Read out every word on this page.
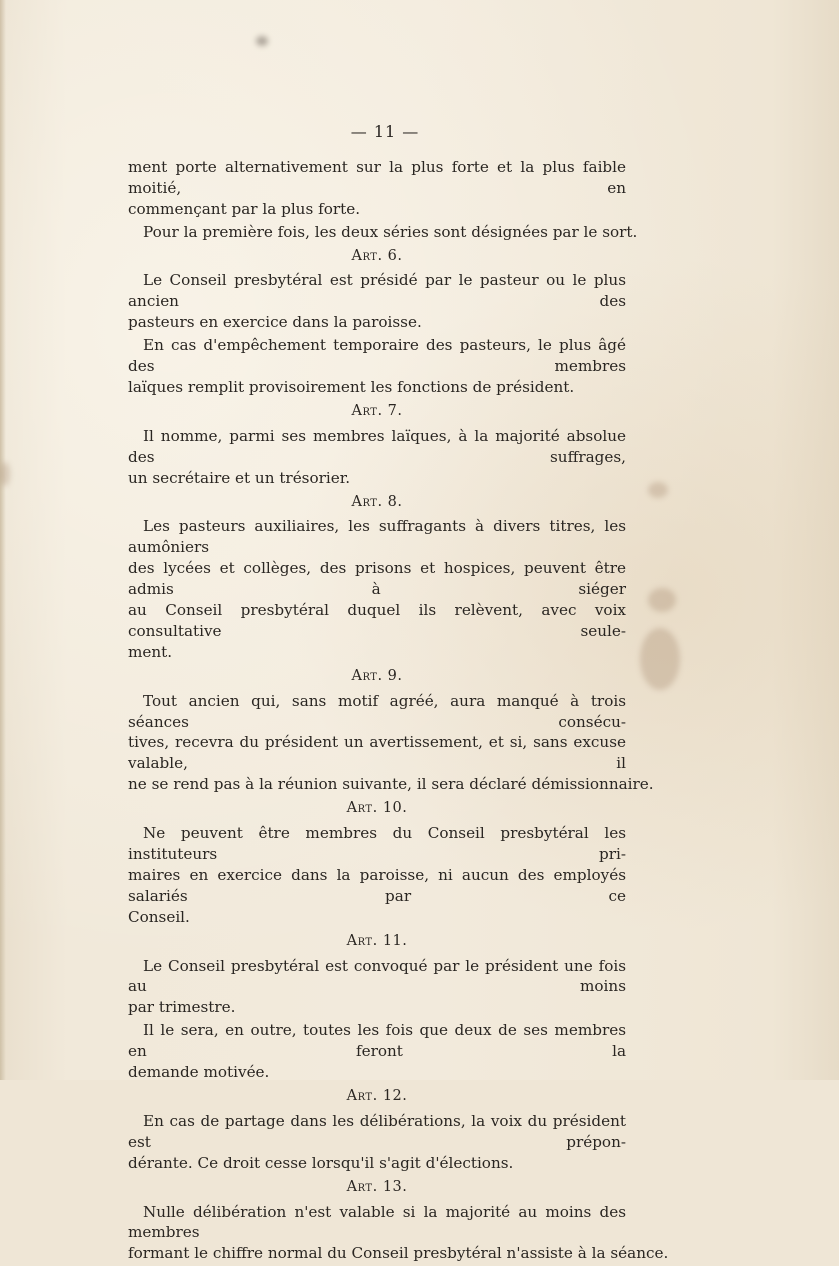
— 11 —
ment porte alternativement sur la plus forte et la plus faible moitié, en
commençant par la plus forte.
Pour la première fois, les deux séries sont désignées par le sort.
Art. 6.
Le Conseil presbytéral est présidé par le pasteur ou le plus ancien des
pasteurs en exercice dans la paroisse.
En cas d'empêchement temporaire des pasteurs, le plus âgé des membres
laïques remplit provisoirement les fonctions de président.
Art. 7.
Il nomme, parmi ses membres laïques, à la majorité absolue des suffrages,
un secrétaire et un trésorier.
Art. 8.
Les pasteurs auxiliaires, les suffragants à divers titres, les aumôniers
des lycées et collèges, des prisons et hospices, peuvent être admis à siéger
au Conseil presbytéral duquel ils relèvent, avec voix consultative seule-
ment.
Art. 9.
Tout ancien qui, sans motif agréé, aura manqué à trois séances consécu-
tives, recevra du président un avertissement, et si, sans excuse valable, il
ne se rend pas à la réunion suivante, il sera déclaré démissionnaire.
Art. 10.
Ne peuvent être membres du Conseil presbytéral les instituteurs pri-
maires en exercice dans la paroisse, ni aucun des employés salariés par ce
Conseil.
Art. 11.
Le Conseil presbytéral est convoqué par le président une fois au moins
par trimestre.
Il le sera, en outre, toutes les fois que deux de ses membres en feront la
demande motivée.
Art. 12.
En cas de partage dans les délibérations, la voix du président est prépon-
dérante. Ce droit cesse lorsqu'il s'agit d'élections.
Art. 13.
Nulle délibération n'est valable si la majorité au moins des membres
formant le chiffre normal du Conseil presbytéral n'assiste à la séance.
